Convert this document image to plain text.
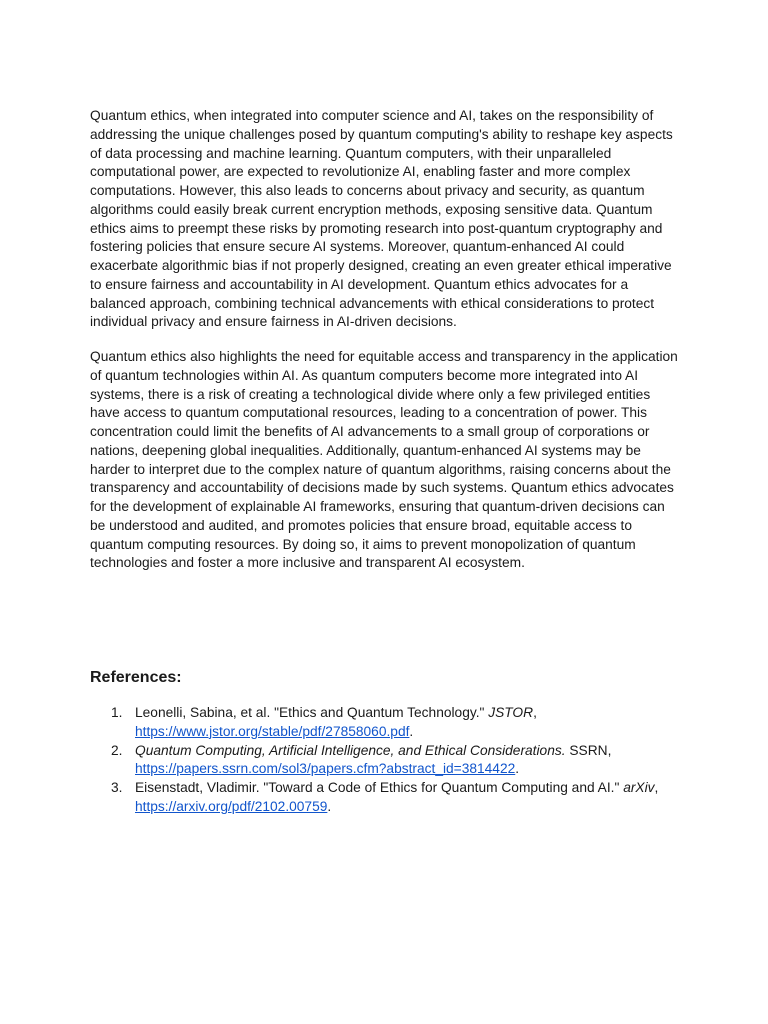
Quantum ethics, when integrated into computer science and AI, takes on the responsibility of addressing the unique challenges posed by quantum computing's ability to reshape key aspects of data processing and machine learning. Quantum computers, with their unparalleled computational power, are expected to revolutionize AI, enabling faster and more complex computations. However, this also leads to concerns about privacy and security, as quantum algorithms could easily break current encryption methods, exposing sensitive data. Quantum ethics aims to preempt these risks by promoting research into post-quantum cryptography and fostering policies that ensure secure AI systems. Moreover, quantum-enhanced AI could exacerbate algorithmic bias if not properly designed, creating an even greater ethical imperative to ensure fairness and accountability in AI development. Quantum ethics advocates for a balanced approach, combining technical advancements with ethical considerations to protect individual privacy and ensure fairness in AI-driven decisions.

Quantum ethics also highlights the need for equitable access and transparency in the application of quantum technologies within AI. As quantum computers become more integrated into AI systems, there is a risk of creating a technological divide where only a few privileged entities have access to quantum computational resources, leading to a concentration of power. This concentration could limit the benefits of AI advancements to a small group of corporations or nations, deepening global inequalities. Additionally, quantum-enhanced AI systems may be harder to interpret due to the complex nature of quantum algorithms, raising concerns about the transparency and accountability of decisions made by such systems. Quantum ethics advocates for the development of explainable AI frameworks, ensuring that quantum-driven decisions can be understood and audited, and promotes policies that ensure broad, equitable access to quantum computing resources. By doing so, it aims to prevent monopolization of quantum technologies and foster a more inclusive and transparent AI ecosystem.

References:
1. Leonelli, Sabina, et al. "Ethics and Quantum Technology." JSTOR,
https://www.jstor.org/stable/pdf/27858060.pdf.
2. Quantum Computing, Artificial Intelligence, and Ethical Considerations. SSRN,
https://papers.ssrn.com/sol3/papers.cfm?abstract_id=3814422.
3. Eisenstadt, Vladimir. "Toward a Code of Ethics for Quantum Computing and AI." arXiv,
https://arxiv.org/pdf/2102.00759.
